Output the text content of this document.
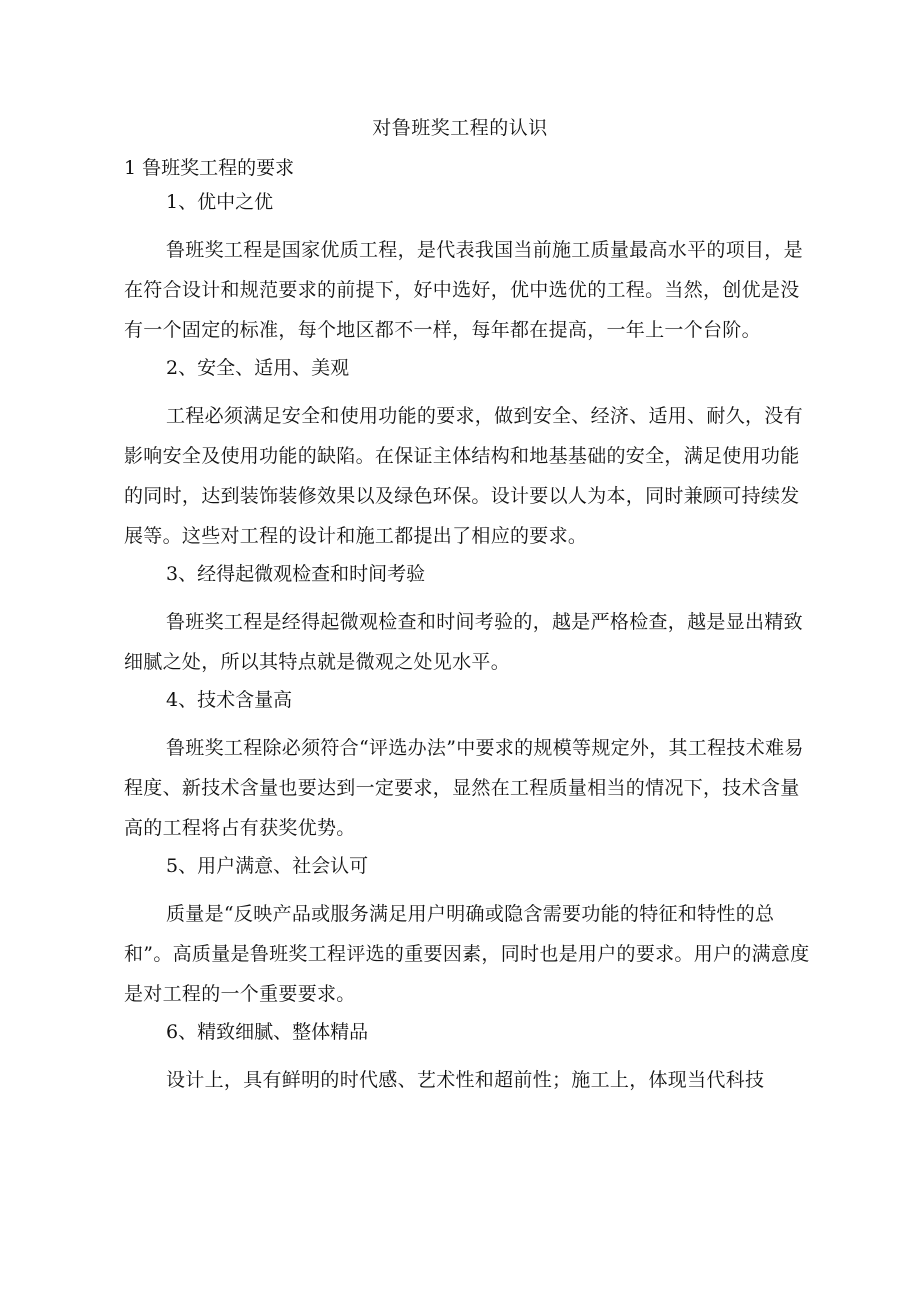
对鲁班奖工程的认识

1 鲁班奖工程的要求

1、优中之优

鲁班奖工程是国家优质工程，是代表我国当前施工质量最高水平的项目，是在符合设计和规范要求的前提下，好中选好，优中选优的工程。当然，创优是没有一个固定的标准，每个地区都不一样，每年都在提高，一年上一个台阶。

2、安全、适用、美观

工程必须满足安全和使用功能的要求，做到安全、经济、适用、耐久，没有影响安全及使用功能的缺陷。在保证主体结构和地基基础的安全，满足使用功能的同时，达到装饰装修效果以及绿色环保。设计要以人为本，同时兼顾可持续发展等。这些对工程的设计和施工都提出了相应的要求。

3、经得起微观检查和时间考验

鲁班奖工程是经得起微观检查和时间考验的，越是严格检查，越是显出精致细腻之处，所以其特点就是微观之处见水平。

4、技术含量高

鲁班奖工程除必须符合“评选办法”中要求的规模等规定外，其工程技术难易程度、新技术含量也要达到一定要求，显然在工程质量相当的情况下，技术含量高的工程将占有获奖优势。

5、用户满意、社会认可

质量是“反映产品或服务满足用户明确或隐含需要功能的特征和特性的总和”。高质量是鲁班奖工程评选的重要因素，同时也是用户的要求。用户的满意度是对工程的一个重要要求。

6、精致细腻、整体精品

设计上，具有鲜明的时代感、艺术性和超前性；施工上，体现当代科技
